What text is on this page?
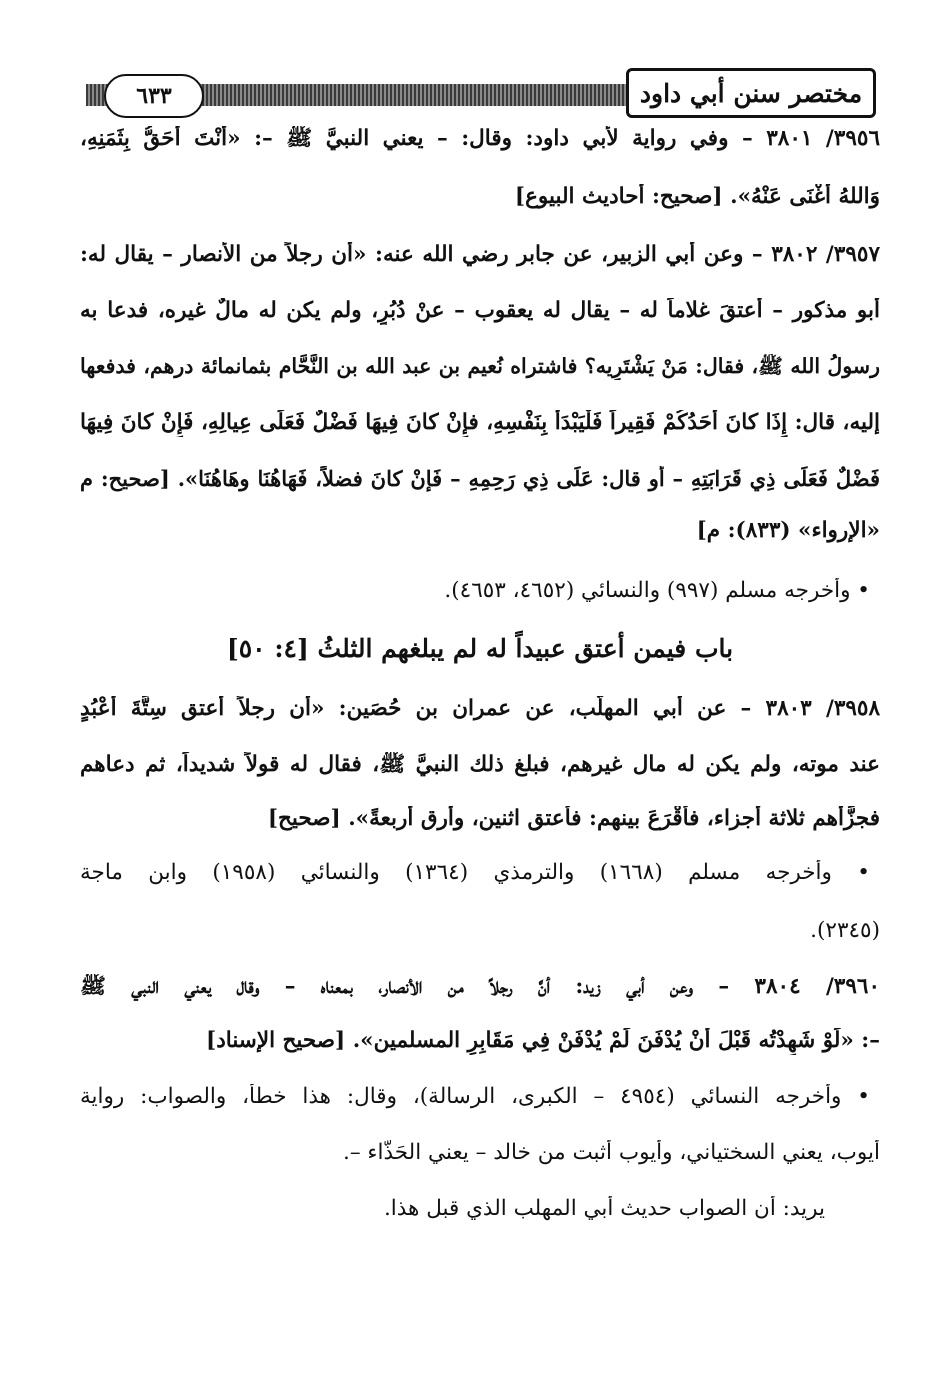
٦٣٣	مختصر سنن أبي داود
٣٩٥٦/ ٣٨٠١ – وفي رواية لأبي داود: وقال: – يعني النبيَّ ﷺ –: «أَنْتَ أَحَقُّ بِثَمَنِهِ،
وَاللهُ أَغْنَى عَنْهُ». [صحيح: أحاديث البيوع]
٣٩٥٧/ ٣٨٠٢ – وعن أبي الزبير، عن جابر رضي الله عنه: «أن رجلاً من الأنصار – يقال له:
أبو مذكور – أعتقَ غلاماً له – يقال له يعقوب – عنْ دُبُرٍ، ولم يكن له مالٌ غيره، فدعا به
رسولُ الله ﷺ، فقال: مَنْ يَشْتَرِيه؟ فاشتراه نُعيم بن عبد الله بن النَّحَّام بثمانمائة درهم، فدفعها
إليه، قال: إِذَا كانَ أَحَدُكُمْ فَقِيراً فَلْيَبْدَأْ بِنَفْسِهِ، فإِنْ كانَ فِيهَا فَضْلٌ فَعَلَى عِيالِهِ، فَإِنْ كانَ فِيهَا
فَضْلٌ فَعَلَى ذِي قَرَابَتِهِ – أو قال: عَلَى ذِي رَحِمِهِ – فَإِنْ كانَ فضلاً، فَهَاهُنَا وهَاهُنَا». [صحيح: م
«الإرواء» (٨٣٣): م]
• وأخرجه مسلم (٩٩٧) والنسائي (٤٦٥٢، ٤٦٥٣).
باب فيمن أعتق عبيداً له لم يبلغهم الثلثُ [٤: ٥٠]
٣٩٥٨/ ٣٨٠٣ – عن أبي المهلَّب، عن عمران بن حُصَين: «أن رجلاً أعتق سِتَّةَ أَعْبُدٍ
عند موته، ولم يكن له مال غيرهم، فبلغ ذلك النبيَّ ﷺ، فقال له قولاً شديداً، ثم دعاهم
فجزَّأهم ثلاثة أجزاء، فأَقْرَعَ بينهم: فأعتق اثنين، وأرق أربعةً». [صحيح]
• وأخرجه مسلم (١٦٦٨) والترمذي (١٣٦٤) والنسائي (١٩٥٨) وابن ماجة
(٢٣٤٥).
٣٩٦٠/ ٣٨٠٤ – وعن أبي زيد: أنَّ رجلاً من الأنصار، بمعناه – وقال يعني النبي ﷺ
–: «لَوْ شَهِدْتُه قَبْلَ أَنْ يُدْفَنَ لَمْ يُدْفَنْ فِي مَقَابِرِ المسلمين». [صحيح الإسناد]
• وأخرجه النسائي (٤٩٥٤ – الكبرى، الرسالة)، وقال: هذا خطأ، والصواب: رواية
أيوب، يعني السختياني، وأيوب أثبت من خالد – يعني الحَذَّاء –.
يريد: أن الصواب حديث أبي المهلب الذي قبل هذا.
